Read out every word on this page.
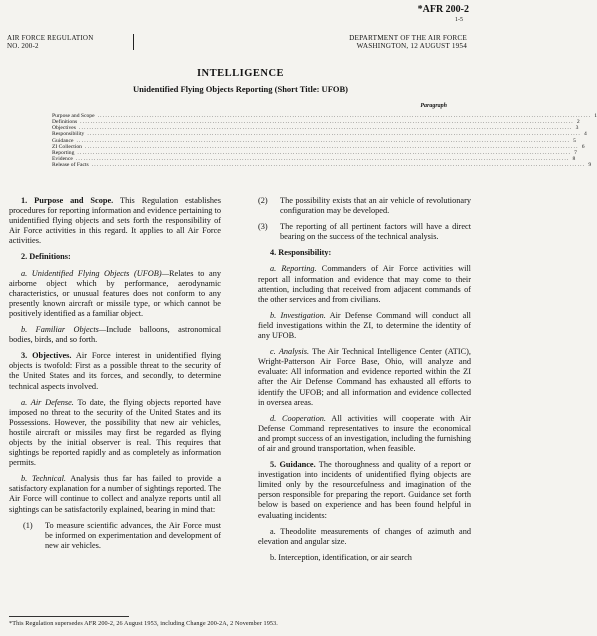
*AFR 200-2
1-5
AIR FORCE REGULATION
NO. 200-2
DEPARTMENT OF THE AIR FORCE
WASHINGTON, 12 AUGUST 1954
INTELLIGENCE
Unidentified Flying Objects Reporting (Short Title: UFOB)
Paragraph
Purpose and Scope .............................................................................................................................................................................................. 1
Definitions .............................................................................................................................................................................................. 2
Objectives .............................................................................................................................................................................................. 3
Responsibility .............................................................................................................................................................................................. 4
Guidance .............................................................................................................................................................................................. 5
ZI Collection .............................................................................................................................................................................................. 6
Reporting .............................................................................................................................................................................................. 7
Evidence .............................................................................................................................................................................................. 8
Release of Facts .............................................................................................................................................................................................. 9

1. Purpose and Scope. This Regulation establishes procedures for reporting information and evidence pertaining to unidentified flying objects and sets forth the responsibility of Air Force activities in this regard. It applies to all Air Force activities.

2. Definitions:

a. Unidentified Flying Objects (UFOB)—Relates to any airborne object which by performance, aerodynamic characteristics, or unusual features does not conform to any presently known aircraft or missile type, or which cannot be positively identified as a familiar object.

b. Familiar Objects—Include balloons, astronomical bodies, birds, and so forth.

3. Objectives. Air Force interest in unidentified flying objects is twofold: First as a possible threat to the security of the United States and its forces, and secondly, to determine technical aspects involved.

a. Air Defense. To date, the flying objects reported have imposed no threat to the security of the United States and its Possessions. However, the possibility that new air vehicles, hostile aircraft or missiles may first be regarded as flying objects by the initial observer is real. This requires that sightings be reported rapidly and as completely as information permits.

b. Technical. Analysis thus far has failed to provide a satisfactory explanation for a number of sightings reported. The Air Force will continue to collect and analyze reports until all sightings can be satisfactorily explained, bearing in mind that:

(1)	To measure scientific advances, the Air Force must be informed on experimentation and development of new air vehicles.
(2)	The possibility exists that an air vehicle of revolutionary configuration may be developed.
(3)	The reporting of all pertinent factors will have a direct bearing on the success of the technical analysis.

4. Responsibility:

a. Reporting. Commanders of Air Force activities will report all information and evidence that may come to their attention, including that received from adjacent commands of the other services and from civilians.

b. Investigation. Air Defense Command will conduct all field investigations within the ZI, to determine the identity of any UFOB.

c. Analysis. The Air Technical Intelligence Center (ATIC), Wright-Patterson Air Force Base, Ohio, will analyze and evaluate: All information and evidence reported within the ZI after the Air Defense Command has exhausted all efforts to identify the UFOB; and all information and evidence collected in oversea areas.

d. Cooperation. All activities will cooperate with Air Defense Command representatives to insure the economical and prompt success of an investigation, including the furnishing of air and ground transportation, when feasible.

5. Guidance. The thoroughness and quality of a report or investigation into incidents of unidentified flying objects are limited only by the resourcefulness and imagination of the person responsible for preparing the report. Guidance set forth below is based on experience and has been found helpful in evaluating incidents:

a. Theodolite measurements of changes of azimuth and elevation and angular size.

b. Interception, identification, or air search

*This Regulation supersedes AFR 200-2, 26 August 1953, including Change 200-2A, 2 November 1953.
